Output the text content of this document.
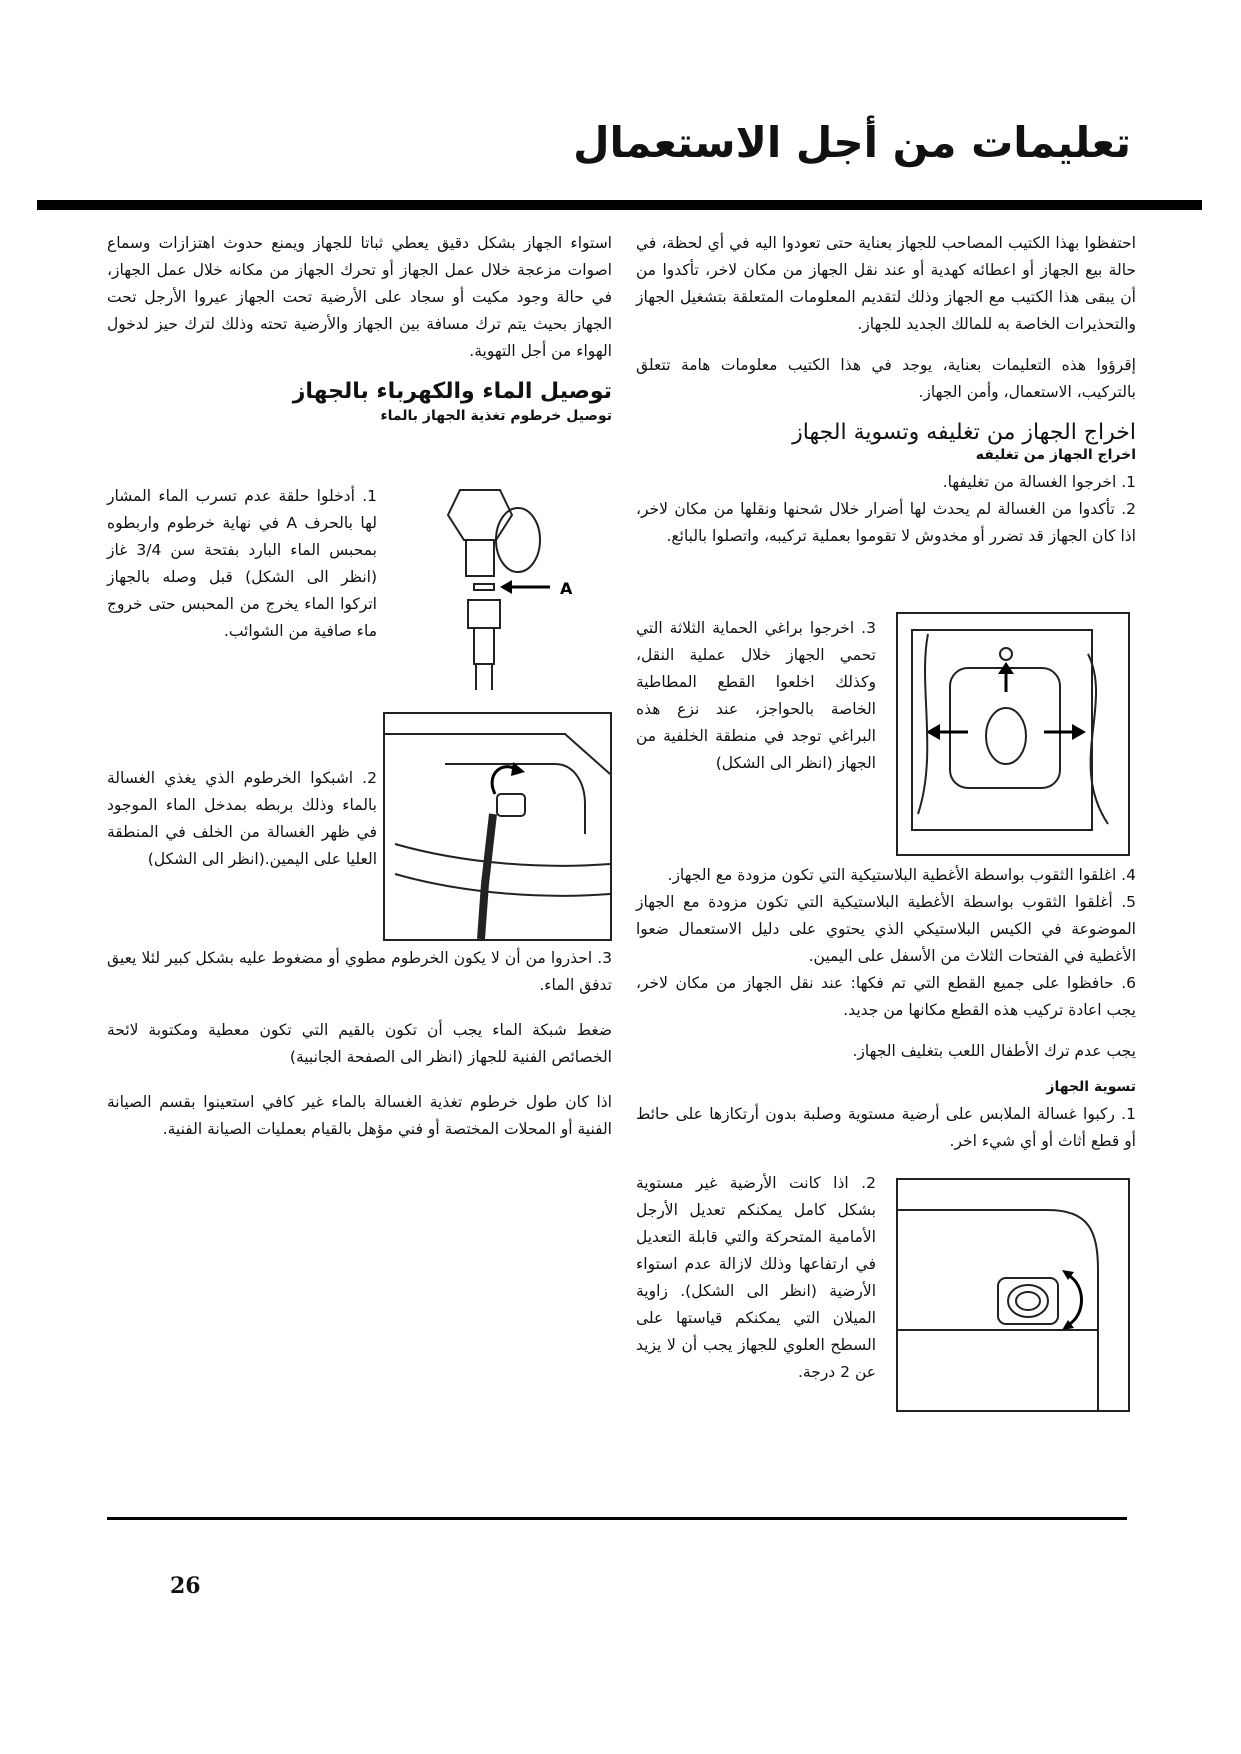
تعليمات من أجل الاستعمال

احتفظوا بهذا الكتيب المصاحب للجهاز بعناية حتى تعودوا اليه في أي لحظة، في حالة بيع الجهاز أو اعطائه كهدية أو عند نقل الجهاز من مكان لاخر، تأكدوا من أن يبقى هذا الكتيب مع الجهاز وذلك لتقديم المعلومات المتعلقة بتشغيل الجهاز والتحذيرات الخاصة به للمالك الجديد للجهاز.

إقرؤوا هذه التعليمات بعناية، يوجد في هذا الكتيب معلومات هامة تتعلق بالتركيب، الاستعمال، وأمن الجهاز.

اخراج الجهاز من تغليفه وتسوية الجهاز
اخراج الجهاز من تغليفه

1. اخرجوا الغسالة من تغليفها.

2. تأكدوا من الغسالة لم يحدث لها أضرار خلال شحنها ونقلها من مكان لاخر، اذا كان الجهاز قد تضرر أو مخدوش لا تقوموا بعملية تركيبه، واتصلوا بالبائع.

3. اخرجوا براغي الحماية الثلاثة التي تحمي الجهاز خلال عملية النقل، وكذلك اخلعوا القطع المطاطية الخاصة بالحواجز، عند نزع هذه البراغي توجد في منطقة الخلفية من الجهاز (انظر الى الشكل)

4. اغلقوا الثقوب بواسطة الأغطية البلاستيكية التي تكون مزودة مع الجهاز.

5. أغلقوا الثقوب بواسطة الأغطية البلاستيكية التي تكون مزودة مع الجهاز الموضوعة في الكيس البلاستيكي الذي يحتوي على دليل الاستعمال ضعوا الأغطية في الفتحات الثلاث من الأسفل على اليمين.

6. حافظوا على جميع القطع التي تم فكها: عند نقل الجهاز من مكان لاخر، يجب اعادة تركيب هذه القطع مكانها من جديد.

يجب عدم ترك الأطفال اللعب بتغليف الجهاز.

تسوية الجهاز

1. ركبوا غسالة الملابس على أرضية مستوية وصلبة بدون أرتكازها على حائط أو قطع أثاث أو أي شيء اخر.

2. اذا كانت الأرضية غير مستوية بشكل كامل يمكنكم تعديل الأرجل الأمامية المتحركة والتي قابلة التعديل في ارتفاعها وذلك لازالة عدم استواء الأرضية (انظر الى الشكل). زاوية الميلان التي يمكنكم قياستها على السطح العلوي للجهاز يجب أن لا يزيد عن 2 درجة.

استواء الجهاز بشكل دقيق يعطي ثباتا للجهاز ويمنع حدوث اهتزازات وسماع اصوات مزعجة خلال عمل الجهاز أو تحرك الجهاز من مكانه خلال عمل الجهاز، في حالة وجود مكيت أو سجاد على الأرضية تحت الجهاز عيروا الأرجل تحت الجهاز بحيث يتم ترك مسافة بين الجهاز والأرضية تحته وذلك لترك حيز لدخول الهواء من أجل التهوية.

توصيل الماء والكهرباء بالجهاز
توصيل خرطوم تغذية الجهاز بالماء

1. أدخلوا حلقة عدم تسرب الماء المشار لها بالحرف A في نهاية خرطوم واربطوه بمحبس الماء البارد بفتحة سن 3/4 غاز (انظر الى الشكل) قبل وصله بالجهاز اتركوا الماء يخرج من المحبس حتى خروج ماء صافية من الشوائب.

A

2. اشبكوا الخرطوم الذي يغذي الغسالة بالماء وذلك بربطه بمدخل الماء الموجود في ظهر الغسالة من الخلف في المنطقة العليا على اليمين.(انظر الى الشكل)

3. احذروا من أن لا يكون الخرطوم مطوي أو مضغوط عليه بشكل كبير لئلا يعيق تدفق الماء.

ضغط شبكة الماء يجب أن تكون بالقيم التي تكون معطية ومكتوبة لائحة الخصائص الفنية للجهاز (انظر الى الصفحة الجانبية)

اذا كان طول خرطوم تغذية الغسالة بالماء غير كافي استعينوا بقسم الصيانة الفنية أو المحلات المختصة أو فني مؤهل بالقيام بعمليات الصيانة الفنية.

26
